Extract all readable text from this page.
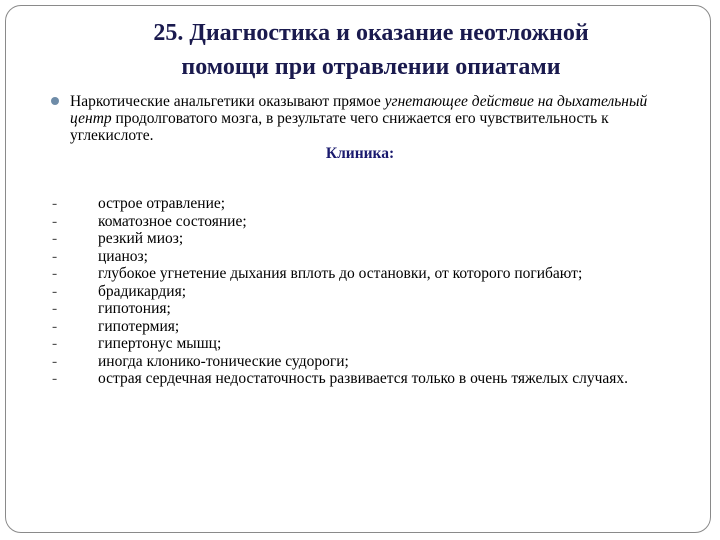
25. Диагностика и оказание неотложной
помощи при отравлении опиатами

Наркотические анальгетики оказывают прямое угнетающее действие на дыхательный центр продолговатого мозга, в результате чего снижается его чувствительность к углекислоте.

Клиника:
-	острое отравление;
-	коматозное состояние;
-	резкий миоз;
-	цианоз;
-	глубокое угнетение дыхания вплоть до остановки, от которого погибают;
-	брадикардия;
-	гипотония;
-	гипотермия;
-	гипертонус мышц;
-	иногда клонико-тонические судороги;
-	острая сердечная недостаточность развивается только в очень тяжелых случаях.
